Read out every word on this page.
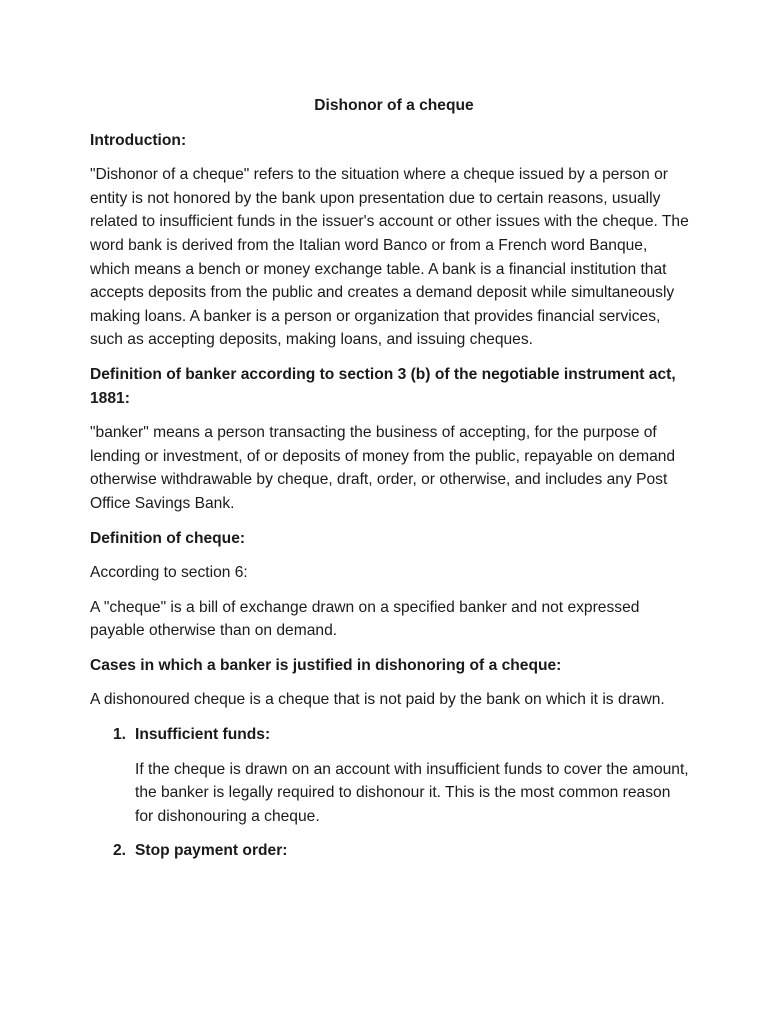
Dishonor of a cheque

Introduction:

"Dishonor of a cheque" refers to the situation where a cheque issued by a person or entity is not honored by the bank upon presentation due to certain reasons, usually related to insufficient funds in the issuer's account or other issues with the cheque. The word bank is derived from the Italian word Banco or from a French word Banque, which means a bench or money exchange table. A bank is a financial institution that accepts deposits from the public and creates a demand deposit while simultaneously making loans. A banker is a person or organization that provides financial services, such as accepting deposits, making loans, and issuing cheques.

Definition of banker according to section 3 (b) of the negotiable instrument act, 1881:

"banker" means a person transacting the business of accepting, for the purpose of lending or investment, of or deposits of money from the public, repayable on demand otherwise withdrawable by cheque, draft, order, or otherwise, and includes any Post Office Savings Bank.

Definition of cheque:

According to section 6:

A "cheque" is a bill of exchange drawn on a specified banker and not expressed payable otherwise than on demand.

Cases in which a banker is justified in dishonoring of a cheque:

A dishonoured cheque is a cheque that is not paid by the bank on which it is drawn.

1. Insufficient funds:

If the cheque is drawn on an account with insufficient funds to cover the amount, the banker is legally required to dishonour it. This is the most common reason for dishonouring a cheque.

2. Stop payment order:
